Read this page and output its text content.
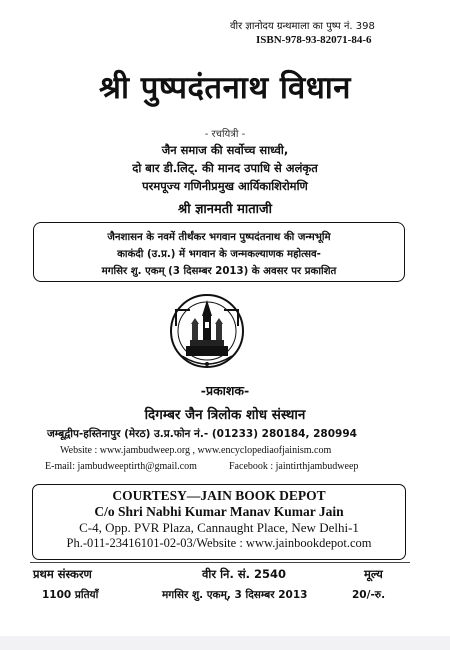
वीर ज्ञानोदय ग्रन्थमाला का पुष्प नं. 398
ISBN-978-93-82071-84-6
श्री पुष्पदंतनाथ विधान
- रचयित्री -
जैन समाज की सर्वोच्च साध्वी,
दो बार डी.लिट्. की मानद उपाधि से अलंकृत
परमपूज्य गणिनीप्रमुख आर्यिकाशिरोमणि
श्री ज्ञानमती माताजी
जैनशासन के नवमें तीर्थंकर भगवान पुष्पदंतनाथ की जन्मभूमि
काकंदी (उ.प्र.) में भगवान के जन्मकल्याणक महोत्सव-
मगसिर शु. एकम् (3 दिसम्बर 2013) के अवसर पर प्रकाशित
-प्रकाशक-
दिगम्बर जैन त्रिलोक शोध संस्थान
जम्बूद्वीप-हस्तिनापुर (मेरठ) उ.प्र.फोन नं.- (01233) 280184, 280994
Website : www.jambudweep.org , www.encyclopediaofjainism.com
E-mail: jambudweeptirth@gmail.com	Facebook : jaintirthjambudweep
COURTESY—JAIN BOOK DEPOT
C/o Shri Nabhi Kumar Manav Kumar Jain
C-4, Opp. PVR Plaza, Cannaught Place, New Delhi-1
Ph.-011-23416101-02-03/Website : www.jainbookdepot.com
प्रथम संस्करण	वीर नि. सं. 2540	मूल्य
1100 प्रतियाँ	मगसिर शु. एकम्, 3 दिसम्बर 2013	20/-रु.
